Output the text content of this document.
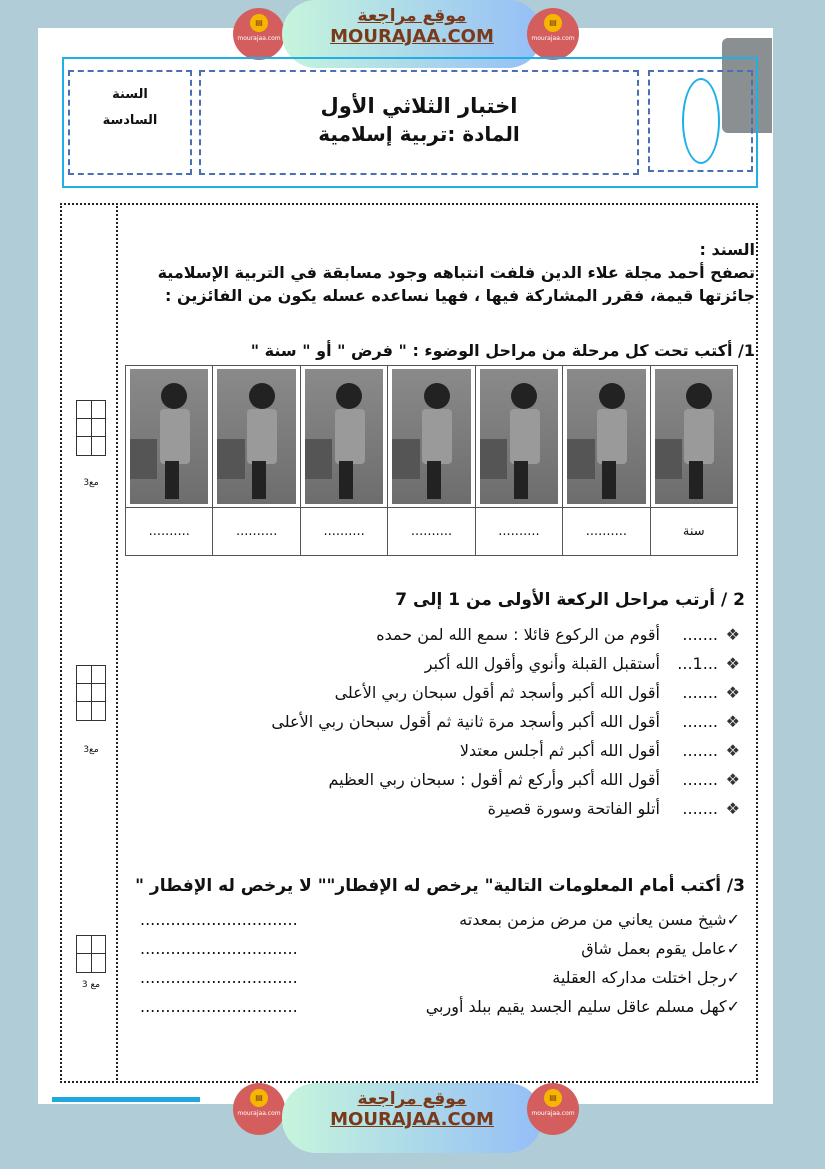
▤
mourajaa.com
موقع مراجعة
MOURAJAA.COM
▤
mourajaa.com
السنة
السادسة
اختبار الثلاثي الأول
المادة :تربية إسلامية
السند :
تصفح أحمد مجلة علاء الدين فلفت انتباهه وجود مسابقة في التربية الإسلامية جائزتها قيمة، فقرر المشاركة فيها ، فهيا نساعده عسله يكون من الفائزين :
1/ أكتب تحت كل مرحلة من مراحل الوضوء : " فرض " أو " سنة "
سنة
..........
..........
..........
..........
..........
..........
مع3
مع3
مع 3
2 / أرتب مراحل الركعة الأولى من 1 إلى 7
❖
.......
أقوم من الركوع قائلا : سمع الله لمن حمده
❖
...1...
أستقبل القبلة وأنوي وأقول الله أكبر
❖
.......
أقول الله أكبر وأسجد ثم أقول سبحان ربي الأعلى
❖
.......
أقول الله أكبر وأسجد مرة ثانية ثم أقول سبحان ربي الأعلى
❖
.......
أقول الله أكبر ثم أجلس معتدلا
❖
.......
أقول الله أكبر وأركع ثم أقول : سبحان ربي العظيم
❖
.......
أتلو الفاتحة وسورة قصيرة
3/ أكتب أمام المعلومات التالية" يرخص له الإفطار"" لا يرخص له الإفطار "
✓شيخ مسن يعاني من مرض مزمن بمعدته
...............................
✓عامل يقوم بعمل شاق
...............................
✓رجل اختلت مداركه العقلية
...............................
✓كهل مسلم عاقل سليم الجسد يقيم ببلد أوربي
...............................
▤
mourajaa.com
موقع مراجعة
MOURAJAA.COM
▤
mourajaa.com
